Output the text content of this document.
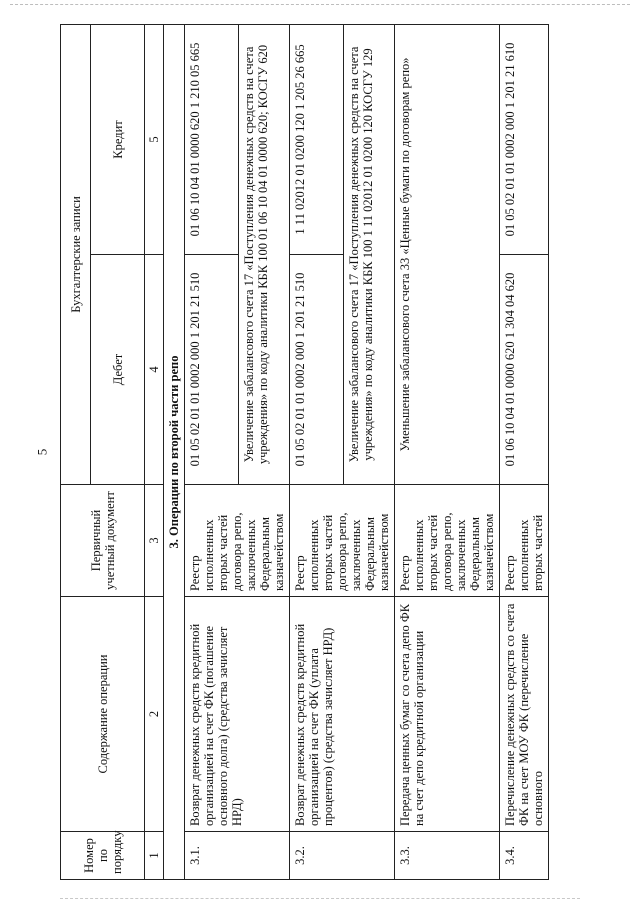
5
Номер по порядку	Содержание операции	Первичный учетный документ	Бухгалтерские записи	
			Дебет	Кредит
1	2	3	4	5
3. Операции по второй части репо				
3.1.	Возврат денежных средств кредитной организацией на счет ФК (погашение основного долга) (средства зачисляет НРД)	Реестр исполненных вторых частей договора репо, заключенных Федеральным казначейством	01 05 02 01 01 0002 000 1 201 21 510	01 06 10 04 01 0000 620 1 210 05 665
			Увеличение забалансового счета 17 «Поступления денежных средств на счета учреждения» по коду аналитики КБК 100 01 06 10 04 01 0000 620; КОСГУ 620	
3.2.	Возврат денежных средств кредитной организацией на счет ФК (уплата процентов) (средства зачисляет НРД)	Реестр исполненных вторых частей договора репо, заключенных Федеральным казначейством	01 05 02 01 01 0002 000 1 201 21 510	1 11 02012 01 0200 120 1 205 26 665
			Увеличение забалансового счета 17 «Поступления денежных средств на счета учреждения» по коду аналитики КБК 100 1 11 02012 01 0200 120 КОСГУ 129	
3.3.	Передача ценных бумаг со счета депо ФК на счет депо кредитной организации	Реестр исполненных вторых частей договора репо, заключенных Федеральным казначейством	Уменьшение забалансового счета 33 «Ценные бумаги по договорам репо»	
3.4.	Перечисление денежных средств со счета ФК на счет МОУ ФК (перечисление основного	Реестр исполненных вторых частей	01 06 10 04 01 0000 620 1 304 04 620	01 05 02 01 01 0002 000 1 201 21 610
